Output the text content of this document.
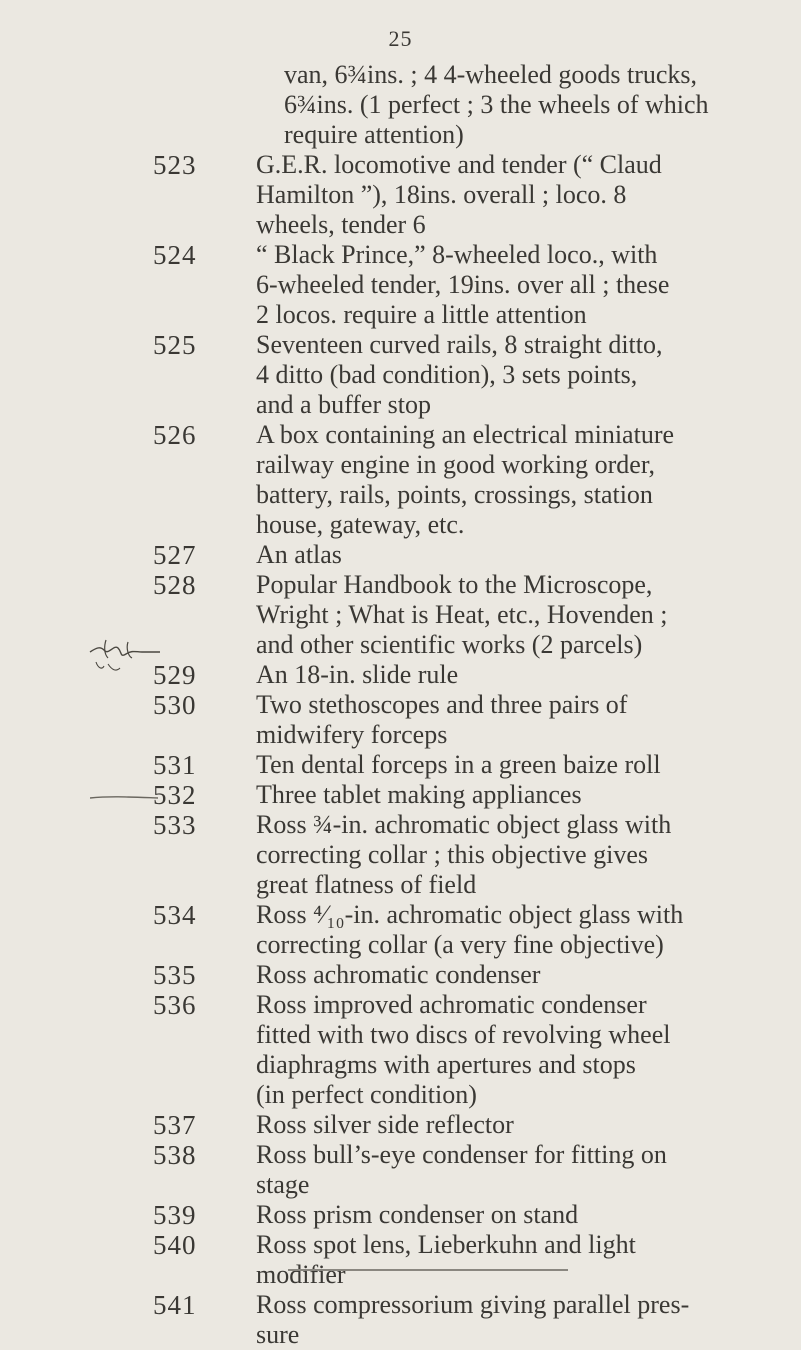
25

van, 6¾ins. ; 4 4-wheeled goods trucks,
6¾ins. (1 perfect ; 3 the wheels of which
require attention)

523 G.E.R. locomotive and tender (“ Claud
Hamilton ”), 18ins. overall ; loco. 8
wheels, tender 6

524 “ Black Prince,” 8-wheeled loco., with
6-wheeled tender, 19ins. over all ; these
2 locos. require a little attention

525 Seventeen curved rails, 8 straight ditto,
4 ditto (bad condition), 3 sets points,
and a buffer stop

526 A box containing an electrical miniature
railway engine in good working order,
battery, rails, points, crossings, station
house, gateway, etc.

527 An atlas

528 Popular Handbook to the Microscope,
Wright ; What is Heat, etc., Hovenden ;
and other scientific works (2 parcels)

529 An 18-in. slide rule

530 Two stethoscopes and three pairs of
midwifery forceps

531 Ten dental forceps in a green baize roll

532 Three tablet making appliances

533 Ross ¾-in. achromatic object glass with
correcting collar ; this objective gives
great flatness of field

534 Ross ⁴⁄₁₀-in. achromatic object glass with
correcting collar (a very fine objective)

535 Ross achromatic condenser

536 Ross improved achromatic condenser
fitted with two discs of revolving wheel
diaphragms with apertures and stops
(in perfect condition)

537 Ross silver side reflector

538 Ross bull’s-eye condenser for fitting on
stage

539 Ross prism condenser on stand

540 Ross spot lens, Lieberkuhn and light
modifier

541 Ross compressorium giving parallel pres-
sure
